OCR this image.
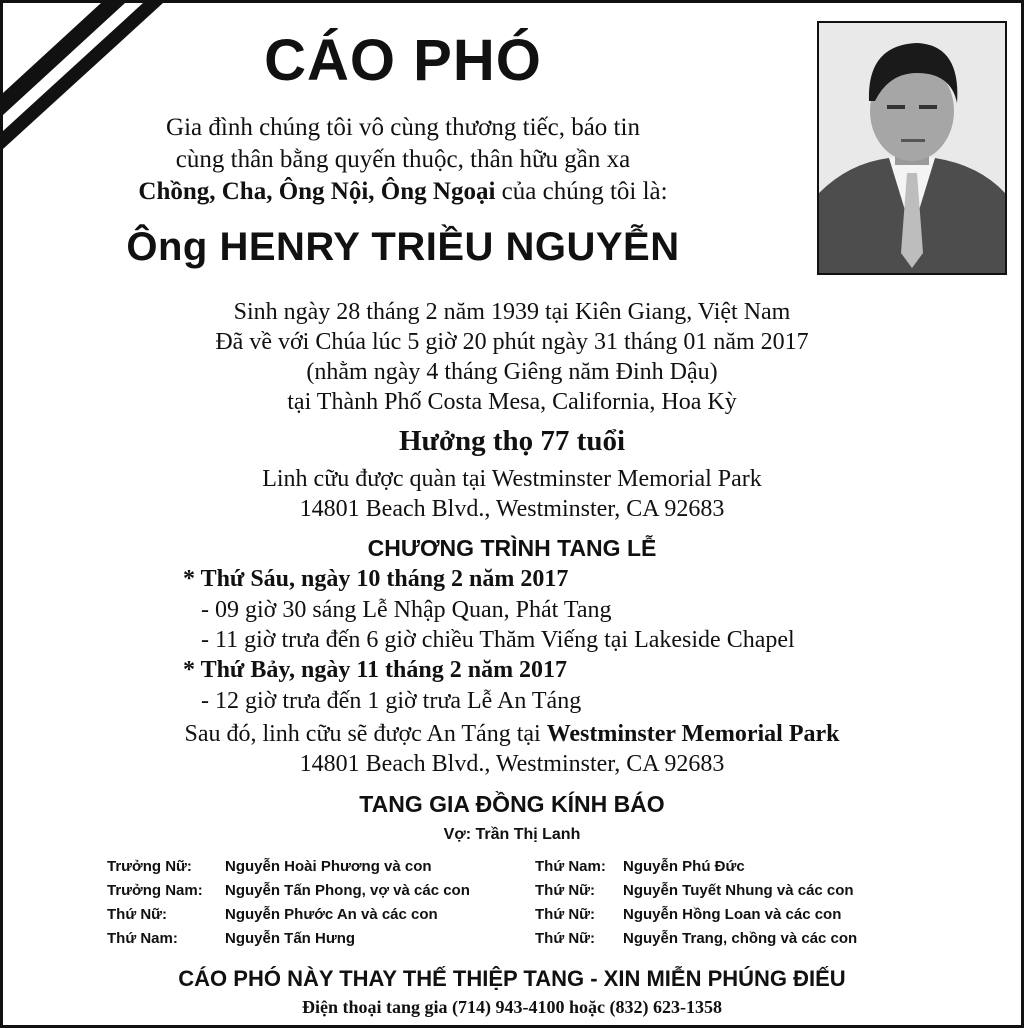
CÁO PHÓ
Gia đình chúng tôi vô cùng thương tiếc, báo tin
cùng thân bằng quyến thuộc, thân hữu gần xa
Chồng, Cha, Ông Nội, Ông Ngoại của chúng tôi là:
Ông HENRY TRIỀU NGUYỄN
Sinh ngày 28 tháng 2 năm 1939 tại Kiên Giang, Việt Nam
Đã về với Chúa lúc 5 giờ 20 phút ngày 31 tháng 01 năm 2017
(nhằm ngày 4 tháng Giêng năm Đinh Dậu)
tại Thành Phố Costa Mesa, California, Hoa Kỳ
Hưởng thọ 77 tuổi
Linh cữu được quàn tại Westminster Memorial Park
14801 Beach Blvd., Westminster, CA 92683
CHƯƠNG TRÌNH TANG LỄ
* Thứ Sáu, ngày 10 tháng 2 năm 2017
- 09 giờ 30 sáng Lễ Nhập Quan, Phát Tang
- 11 giờ trưa đến 6 giờ chiều Thăm Viếng tại Lakeside Chapel
* Thứ Bảy, ngày 11 tháng 2 năm 2017
- 12 giờ trưa đến 1 giờ trưa Lễ An Táng
Sau đó, linh cữu sẽ được An Táng tại Westminster Memorial Park
14801 Beach Blvd., Westminster, CA 92683
TANG GIA ĐỒNG KÍNH BÁO
Vợ: Trần Thị Lanh
Trưởng Nữ: Nguyễn Hoài Phương và con
Trưởng Nam: Nguyễn Tấn Phong, vợ và các con
Thứ Nữ:	Nguyễn Phước An và các con
Thứ Nam:	Nguyễn Tấn Hưng
Thứ Nam: Nguyễn Phú Đức
Thứ Nữ: Nguyễn Tuyết Nhung và các con
Thứ Nữ: Nguyễn Hồng Loan và các con
Thứ Nữ: Nguyễn Trang, chồng và các con
CÁO PHÓ NÀY THAY THẾ THIỆP TANG - XIN MIỄN PHÚNG ĐIẾU
Điện thoại tang gia (714) 943-4100 hoặc (832) 623-1358
